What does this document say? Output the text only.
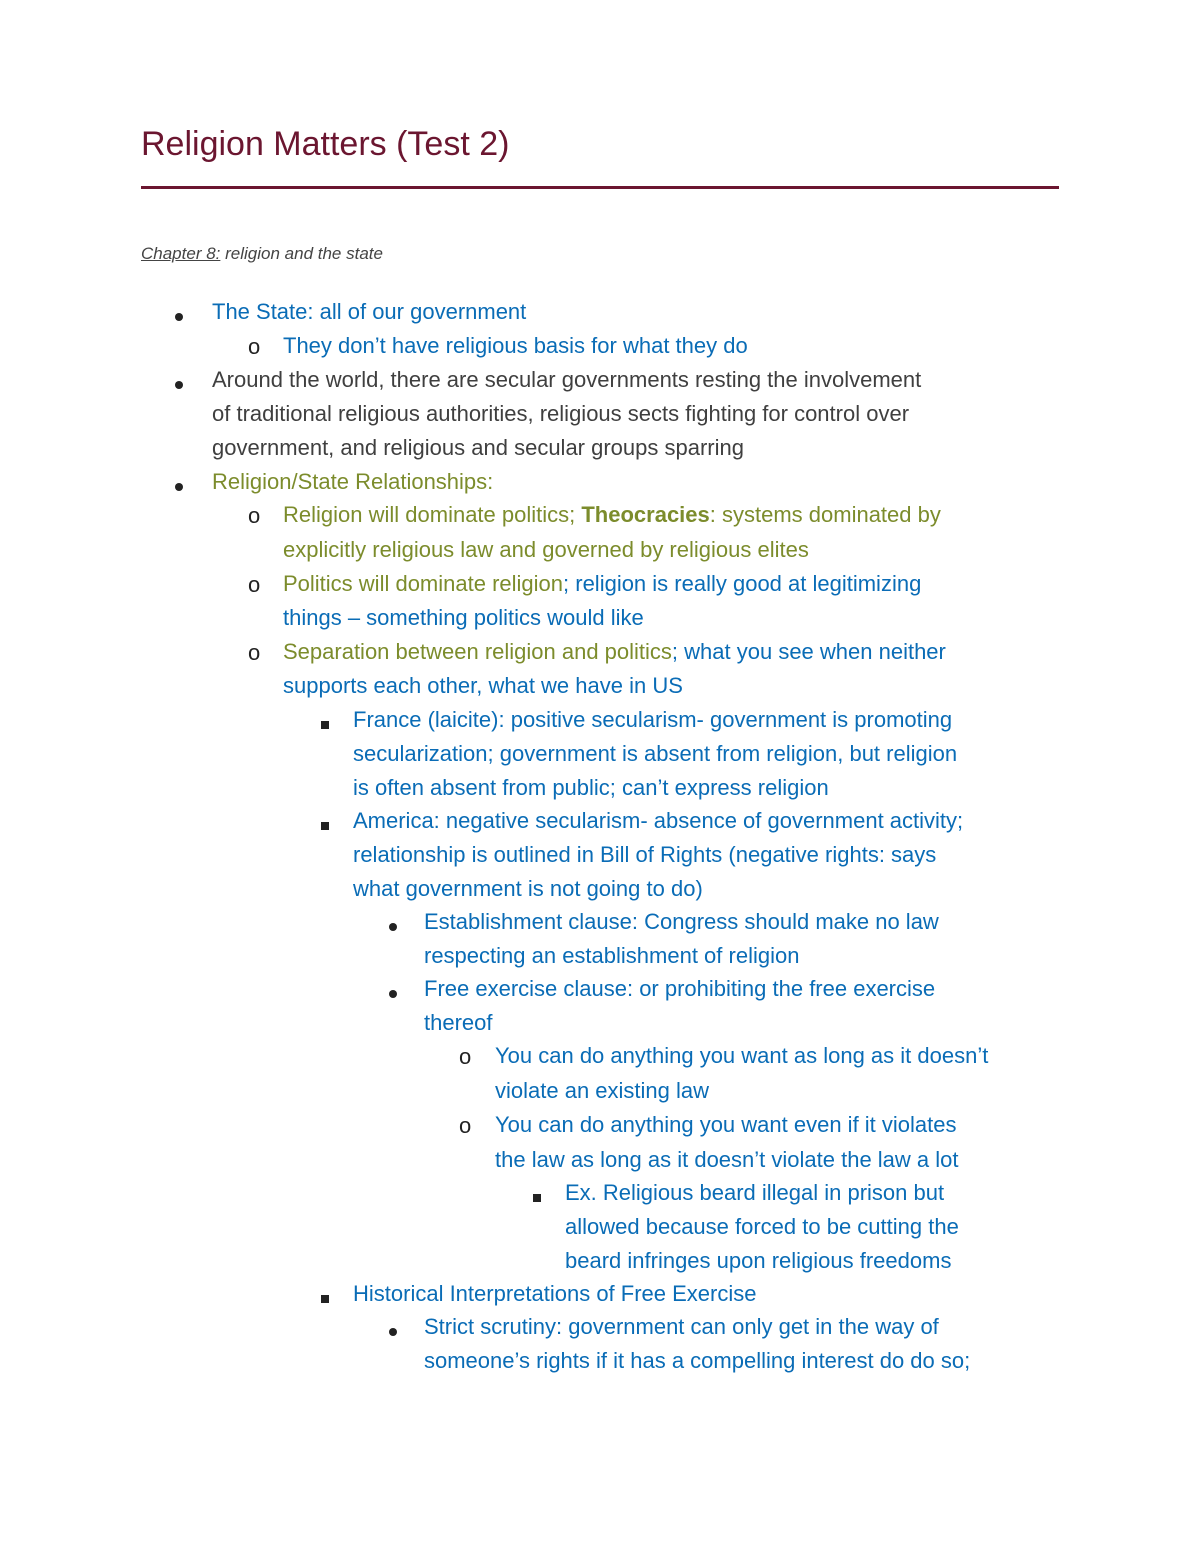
Religion Matters (Test 2)
Chapter 8: religion and the state
The State: all of our government
o They don’t have religious basis for what they do
Around the world, there are secular governments resting the involvement
of traditional religious authorities, religious sects fighting for control over
government, and religious and secular groups sparring
Religion/State Relationships:
o Religion will dominate politics; Theocracies: systems dominated by
explicitly religious law and governed by religious elites
o Politics will dominate religion; religion is really good at legitimizing
things – something politics would like
o Separation between religion and politics; what you see when neither
supports each other, what we have in US
France (laicite): positive secularism- government is promoting
secularization; government is absent from religion, but religion
is often absent from public; can’t express religion
America: negative secularism- absence of government activity;
relationship is outlined in Bill of Rights (negative rights: says
what government is not going to do)
Establishment clause: Congress should make no law
respecting an establishment of religion
Free exercise clause: or prohibiting the free exercise
thereof
o You can do anything you want as long as it doesn’t
violate an existing law
o You can do anything you want even if it violates
the law as long as it doesn’t violate the law a lot
Ex. Religious beard illegal in prison but
allowed because forced to be cutting the
beard infringes upon religious freedoms
Historical Interpretations of Free Exercise
Strict scrutiny: government can only get in the way of
someone’s rights if it has a compelling interest do do so;
